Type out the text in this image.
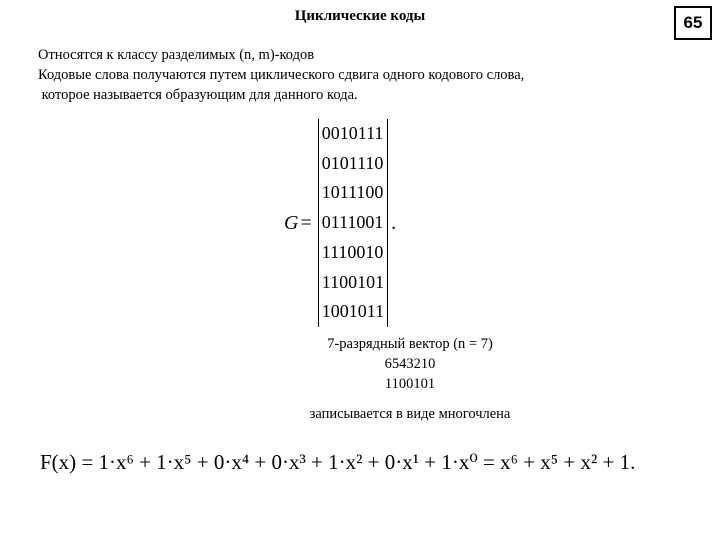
Циклические коды	65
Относятся к классу разделимых (n, m)-кодов
Кодовые слова получаются путем циклического сдвига одного кодового слова,
которое называется образующим для данного кода.
G =
0010111
0101110
1011100
0111001
1110010
1100101
1001011
.
7-разрядный вектор (n = 7)
6543210
1100101
записывается в виде многочлена
F(x) = 1·x⁶ + 1·x⁵ + 0·x⁴ + 0·x³ + 1·x² + 0·x¹ + 1·x⁰ = x⁶ + x⁵ + x² + 1.
